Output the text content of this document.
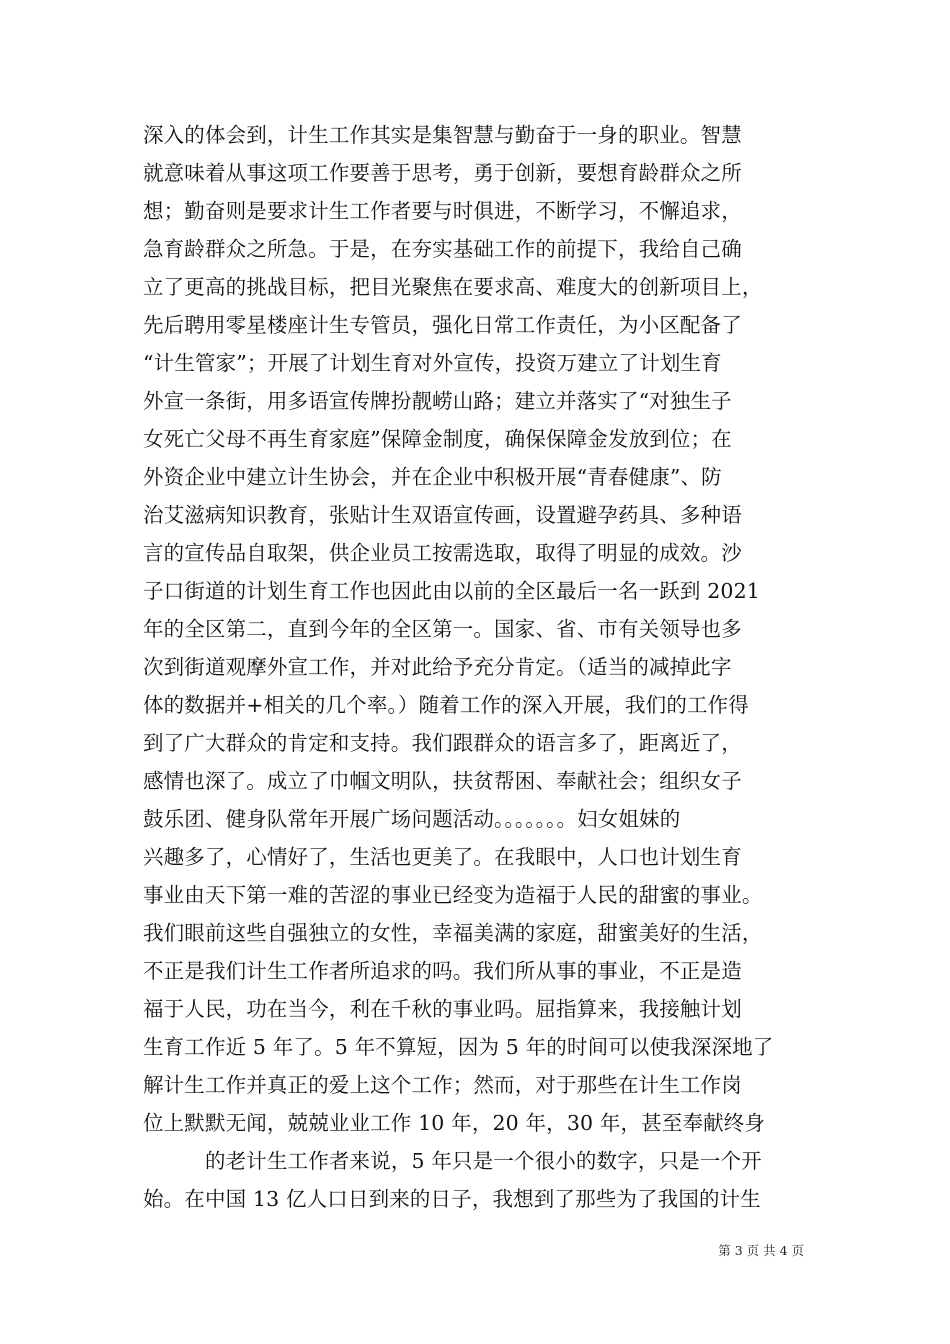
深入的体会到，计生工作其实是集智慧与勤奋于一身的职业。智慧
就意味着从事这项工作要善于思考，勇于创新，要想育龄群众之所
想；勤奋则是要求计生工作者要与时俱进，不断学习，不懈追求，
急育龄群众之所急。于是，在夯实基础工作的前提下，我给自己确
立了更高的挑战目标，把目光聚焦在要求高、难度大的创新项目上，
先后聘用零星楼座计生专管员，强化日常工作责任，为小区配备了
“计生管家”；开展了计划生育对外宣传，投资万建立了计划生育
外宣一条街，用多语宣传牌扮靓崂山路；建立并落实了“对独生子
女死亡父母不再生育家庭”保障金制度，确保保障金发放到位；在
外资企业中建立计生协会，并在企业中积极开展“青春健康”、防
治艾滋病知识教育，张贴计生双语宣传画，设置避孕药具、多种语
言的宣传品自取架，供企业员工按需选取，取得了明显的成效。沙
子口街道的计划生育工作也因此由以前的全区最后一名一跃到 2021
年的全区第二，直到今年的全区第一。国家、省、市有关领导也多
次到街道观摩外宣工作，并对此给予充分肯定。（适当的减掉此字
体的数据并+相关的几个率。）随着工作的深入开展，我们的工作得
到了广大群众的肯定和支持。我们跟群众的语言多了，距离近了，
感情也深了。成立了巾帼文明队，扶贫帮困、奉献社会；组织女子
鼓乐团、健身队常年开展广场问题活动。。。。。。。妇女姐妹的
兴趣多了，心情好了，生活也更美了。在我眼中，人口也计划生育
事业由天下第一难的苦涩的事业已经变为造福于人民的甜蜜的事业。
我们眼前这些自强独立的女性，幸福美满的家庭，甜蜜美好的生活，
不正是我们计生工作者所追求的吗。我们所从事的事业，不正是造
福于人民，功在当今，利在千秋的事业吗。屈指算来，我接触计划
生育工作近 5 年了。5 年不算短，因为 5 年的时间可以使我深深地了
解计生工作并真正的爱上这个工作；然而，对于那些在计生工作岗
位上默默无闻，兢兢业业工作 10 年，20 年，30 年，甚至奉献终身
的老计生工作者来说，5 年只是一个很小的数字，只是一个开
始。在中国 13 亿人口日到来的日子，我想到了那些为了我国的计生
第 3 页 共 4 页
